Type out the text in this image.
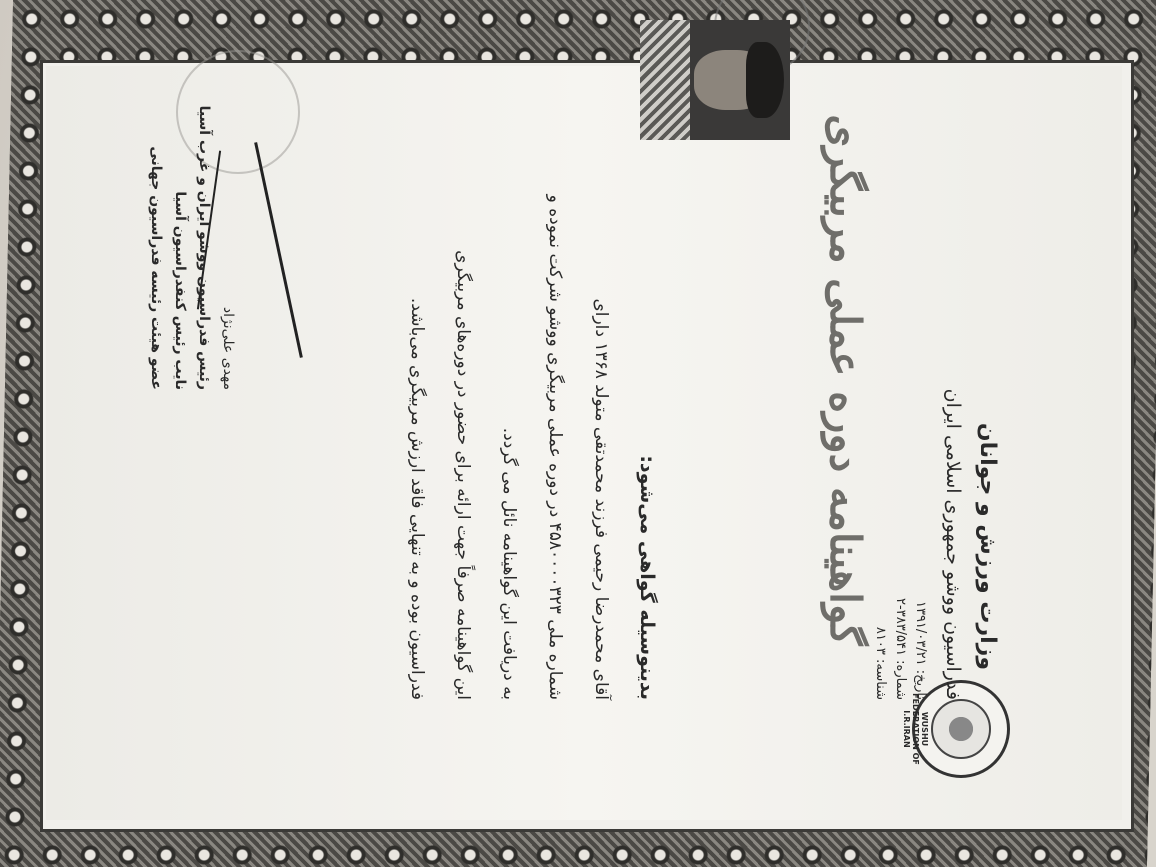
WUSHU FEDERATION OF I.R.IRAN
وزارت ورزش و جوانان
فدراسیون ووشو جمهوری اسلامی ایران
تاریخ: ۱۳۹۱/۰۳/۲۱
شماره: ۳۸۳/۵۴۱-۲
شناسه: ۸۱۰۳
گواهینامه دوره عملی مربیگری
بدینوسیله گواهی می‌شود:
آقای محمدرضا رحیمی فرزند محمدتقی متولد ۱۳۶۸ دارای
شماره ملی ۴۵۸۰۰۰۰۳۲۳ در دوره عملی مربیگری ووشو شرکت نموده و
به دریافت این گواهینامه نائل می گردد.
این گواهینامه صرفاً جهت ارائه برای حضور در دوره‌های مربیگری
فدراسیون بوده و به تنهایی فاقد ارزش مربیگری می‌باشد.
مهدی علی‌نژاد
رئیس فدراسیون ووشو ایران و غرب آسیا
نایب رئیس کنفدراسیون آسیا
عضو هیئت رئیسه فدراسیون جهانی
